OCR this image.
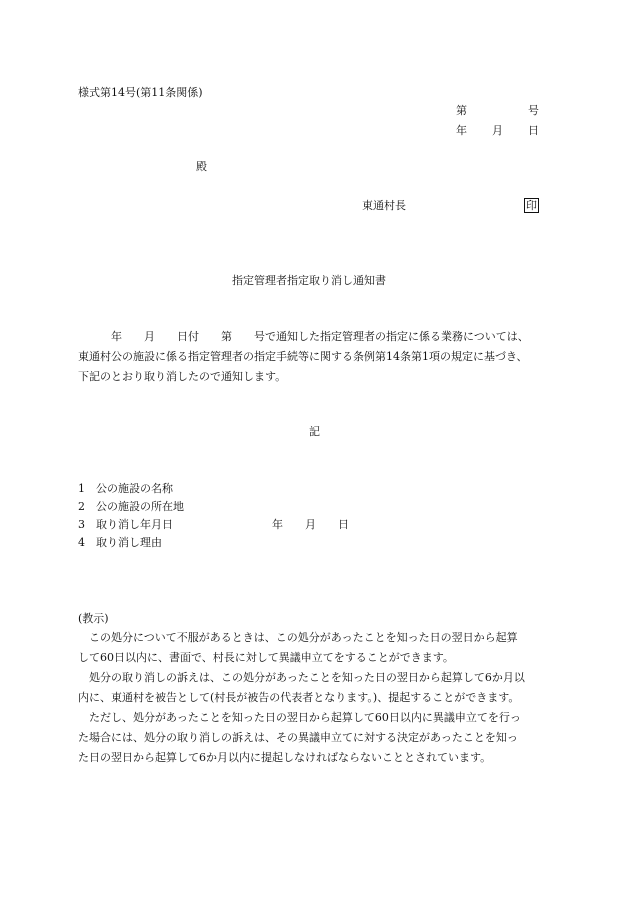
様式第14号(第11条関係)
第	号
年 月 日
殿
東通村長	印
指定管理者指定取り消し通知書
　　　年　　月　　日付　　第　　号で通知した指定管理者の指定に係る業務については、
東通村公の施設に係る指定管理者の指定手続等に関する条例第14条第1項の規定に基づき、
下記のとおり取り消したので通知します。
記
1　公の施設の名称
2　公の施設の所在地
3　取り消し年月日	年　　月　　日
4　取り消し理由
(教示)
　この処分について不服があるときは、この処分があったことを知った日の翌日から起算
して60日以内に、書面で、村長に対して異議申立てをすることができます。
　処分の取り消しの訴えは、この処分があったことを知った日の翌日から起算して6か月以
内に、東通村を被告として(村長が被告の代表者となります。)、提起することができます。
　ただし、処分があったことを知った日の翌日から起算して60日以内に異議申立てを行っ
た場合には、処分の取り消しの訴えは、その異議申立てに対する決定があったことを知っ
た日の翌日から起算して6か月以内に提起しなければならないこととされています。
